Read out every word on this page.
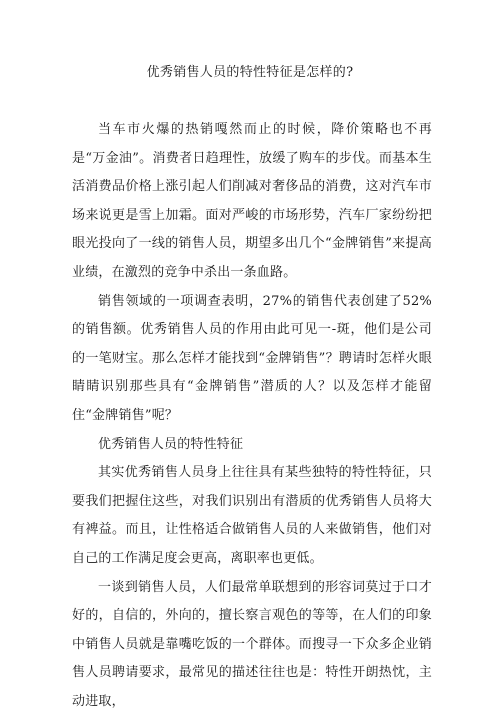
优秀销售人员的特性特征是怎样的?

当车市火爆的热销嘎然而止的时候，降价策略也不再是“万金油”。消费者日趋理性，放缓了购车的步伐。而基本生活消费品价格上涨引起人们削减对奢侈品的消费，这对汽车市场来说更是雪上加霜。面对严峻的市场形势，汽车厂家纷纷把眼光投向了一线的销售人员，期望多出几个“金牌销售”来提高业绩，在激烈的竞争中杀出一条血路。

销售领域的一项调查表明，27%的销售代表创建了52%的销售额。优秀销售人员的作用由此可见一-斑，他们是公司的一笔财宝。那么怎样才能找到“金牌销售”？聘请时怎样火眼睛睛识别那些具有“金牌销售”潜质的人？以及怎样才能留住“金牌销售”呢？

优秀销售人员的特性特征

其实优秀销售人员身上往往具有某些独特的特性特征，只要我们把握住这些，对我们识别出有潜质的优秀销售人员将大有裨益。而且，让性格适合做销售人员的人来做销售，他们对自己的工作满足度会更高，离职率也更低。

一谈到销售人员，人们最常单联想到的形容词莫过于口才好的，自信的，外向的，擅长察言观色的等等，在人们的印象中销售人员就是靠嘴吃饭的一个群体。而搜寻一下众多企业销售人员聘请要求，最常见的描述往往也是：特性开朗热忱，主动进取，
